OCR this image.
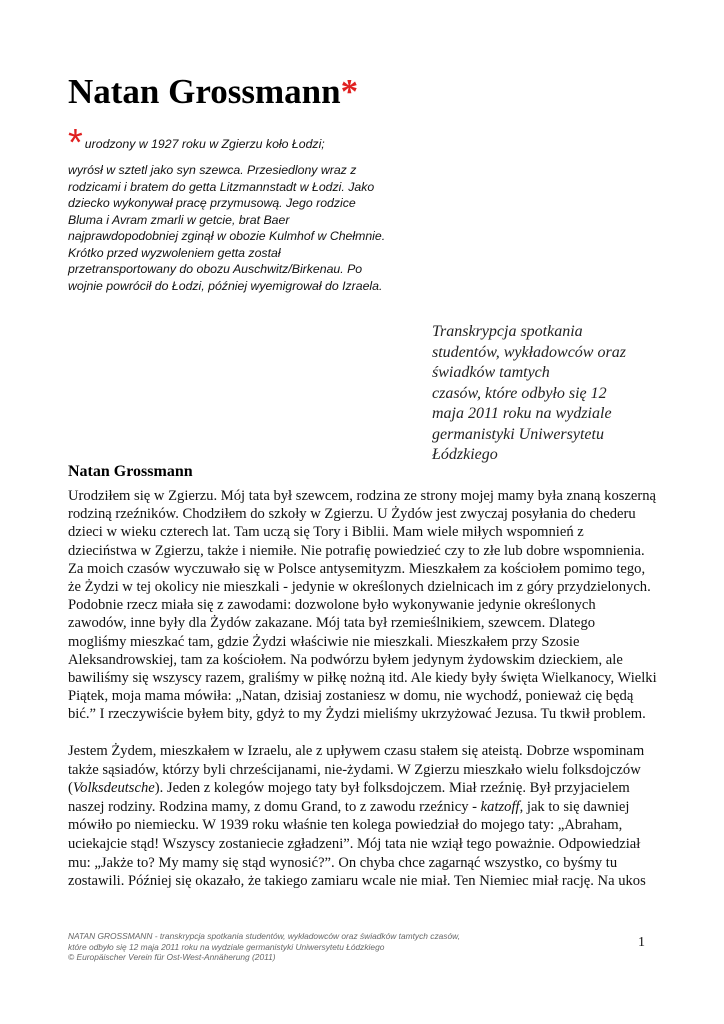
Natan Grossmann*
* urodzony w 1927 roku w Zgierzu koło Łodzi;
wyrósł w sztetl jako syn szewca. Przesiedlony wraz z rodzicami i bratem do getta Litzmannstadt w Łodzi. Jako dziecko wykonywał pracę przymusową. Jego rodzice Bluma i Avram zmarli w getcie, brat Baer najprawdopodobniej zginął w obozie Kulmhof w Chełmnie. Krótko przed wyzwoleniem getta został przetransportowany do obozu Auschwitz/Birkenau. Po wojnie powrócił do Łodzi, później wyemigrował do Izraela.
Transkrypcja spotkania
studentów, wykładowców oraz
świadków tamtych
czasów, które odbyło się 12
maja 2011 roku na wydziale
germanistyki Uniwersytetu
Łódzkiego
Natan Grossmann

Urodziłem się w Zgierzu. Mój tata był szewcem, rodzina ze strony mojej mamy była znaną koszerną

rodziną rzeźników. Chodziłem do szkoły w Zgierzu. U Żydów jest zwyczaj posyłania do chederu

dzieci w wieku czterech lat. Tam uczą się Tory i Biblii. Mam wiele miłych wspomnień z

dzieciństwa w Zgierzu, także i niemiłe. Nie potrafię powiedzieć czy to złe lub dobre wspomnienia.

Za moich czasów wyczuwało się w Polsce antysemityzm. Mieszkałem za kościołem pomimo tego,

że Żydzi w tej okolicy nie mieszkali - jedynie w określonych dzielnicach im z góry przydzielonych.

Podobnie rzecz miała się z zawodami: dozwolone było wykonywanie jedynie określonych

zawodów, inne były dla Żydów zakazane. Mój tata był rzemieślnikiem, szewcem. Dlatego

mogliśmy mieszkać tam, gdzie Żydzi właściwie nie mieszkali. Mieszkałem przy Szosie

Aleksandrowskiej, tam za kościołem. Na podwórzu byłem jedynym żydowskim dzieckiem, ale

bawiliśmy się wszyscy razem, graliśmy w piłkę nożną itd. Ale kiedy były święta Wielkanocy, Wielki

Piątek, moja mama mówiła: „Natan, dzisiaj zostaniesz w domu, nie wychodź, ponieważ cię będą

bić.” I rzeczywiście byłem bity, gdyż to my Żydzi mieliśmy ukrzyżować Jezusa. Tu tkwił problem.

Jestem Żydem, mieszkałem w Izraelu, ale z upływem czasu stałem się ateistą. Dobrze wspominam

także sąsiadów, którzy byli chrześcijanami, nie-żydami. W Zgierzu mieszkało wielu folksdojczów

(Volksdeutsche). Jeden z kolegów mojego taty był folksdojczem. Miał rzeźnię. Był przyjacielem

naszej rodziny. Rodzina mamy, z domu Grand, to z zawodu rzeźnicy - katzoff, jak to się dawniej

mówiło po niemiecku. W 1939 roku właśnie ten kolega powiedział do mojego taty: „Abraham,

uciekajcie stąd! Wszyscy zostaniecie zgładzeni”. Mój tata nie wziął tego poważnie. Odpowiedział

mu: „Jakże to? My mamy się stąd wynosić?”. On chyba chce zagarnąć wszystko, co byśmy tu

zostawili. Później się okazało, że takiego zamiaru wcale nie miał. Ten Niemiec miał rację. Na ukos

NATAN GROSSMANN - transkrypcja spotkania studentów, wykładowców oraz świadków tamtych czasów,
które odbyło się 12 maja 2011 roku na wydziale germanistyki Uniwersytetu Łódzkiego
© Europäischer Verein für Ost-West-Annäherung (2011)
1
